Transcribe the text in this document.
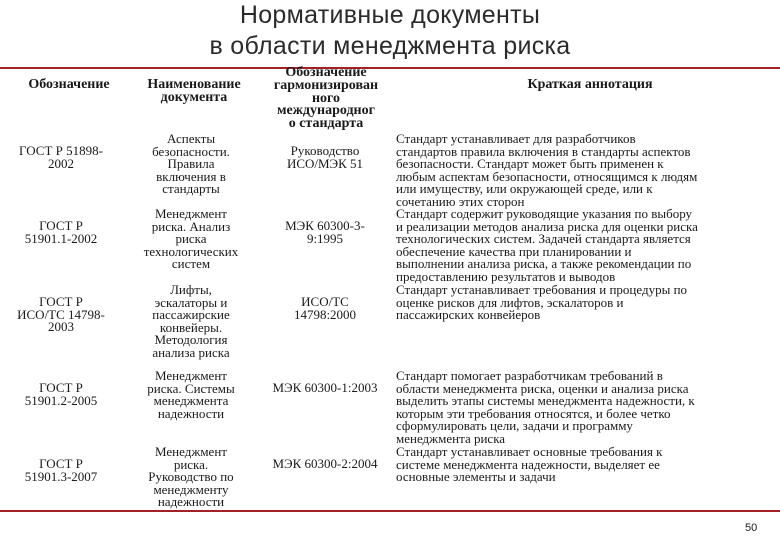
Нормативные документы
в области менеджмента риска
Обозначение	Наименование
документа
Обозначение
гармонизирован
ного
международног
о стандарта
Краткая аннотация
ГОСТ Р 51898-
2002
Аспекты
безопасности.
Правила
включения в
стандарты
Руководство
ИСО/МЭК 51
Стандарт устанавливает для разработчиков
стандартов правила включения в стандарты аспектов
безопасности. Стандарт может быть применен к
любым аспектам безопасности, относящимся к людям
или имуществу, или окружающей среде, или к
сочетанию этих сторон
ГОСТ Р
51901.1-2002
Менеджмент
риска. Анализ
риска
технологических
систем
МЭК 60300-3-
9:1995
Стандарт содержит руководящие указания по выбору
и реализации методов анализа риска для оценки риска
технологических систем. Задачей стандарта является
обеспечение качества при планировании и
выполнении анализа риска, а также рекомендации по
предоставлению результатов и выводов
ГОСТ Р
ИСО/ТС 14798-
2003
Лифты,
эскалаторы и
пассажирские
конвейеры.
Методология
анализа риска
ИСО/ТС
14798:2000
Стандарт устанавливает требования и процедуры по
оценке рисков для лифтов, эскалаторов и
пассажирских конвейеров
ГОСТ Р
51901.2-2005
Менеджмент
риска. Системы
менеджмента
надежности
МЭК 60300-1:2003
Стандарт помогает разработчикам требований в
области менеджмента риска, оценки и анализа риска
выделить этапы системы менеджмента надежности, к
которым эти требования относятся, и более четко
сформулировать цели, задачи и программу
менеджмента риска
ГОСТ Р
51901.3-2007
Менеджмент
риска.
Руководство по
менеджменту
надежности
МЭК 60300-2:2004
Стандарт устанавливает основные требования к
системе менеджмента надежности, выделяет ее
основные элементы и задачи
50
